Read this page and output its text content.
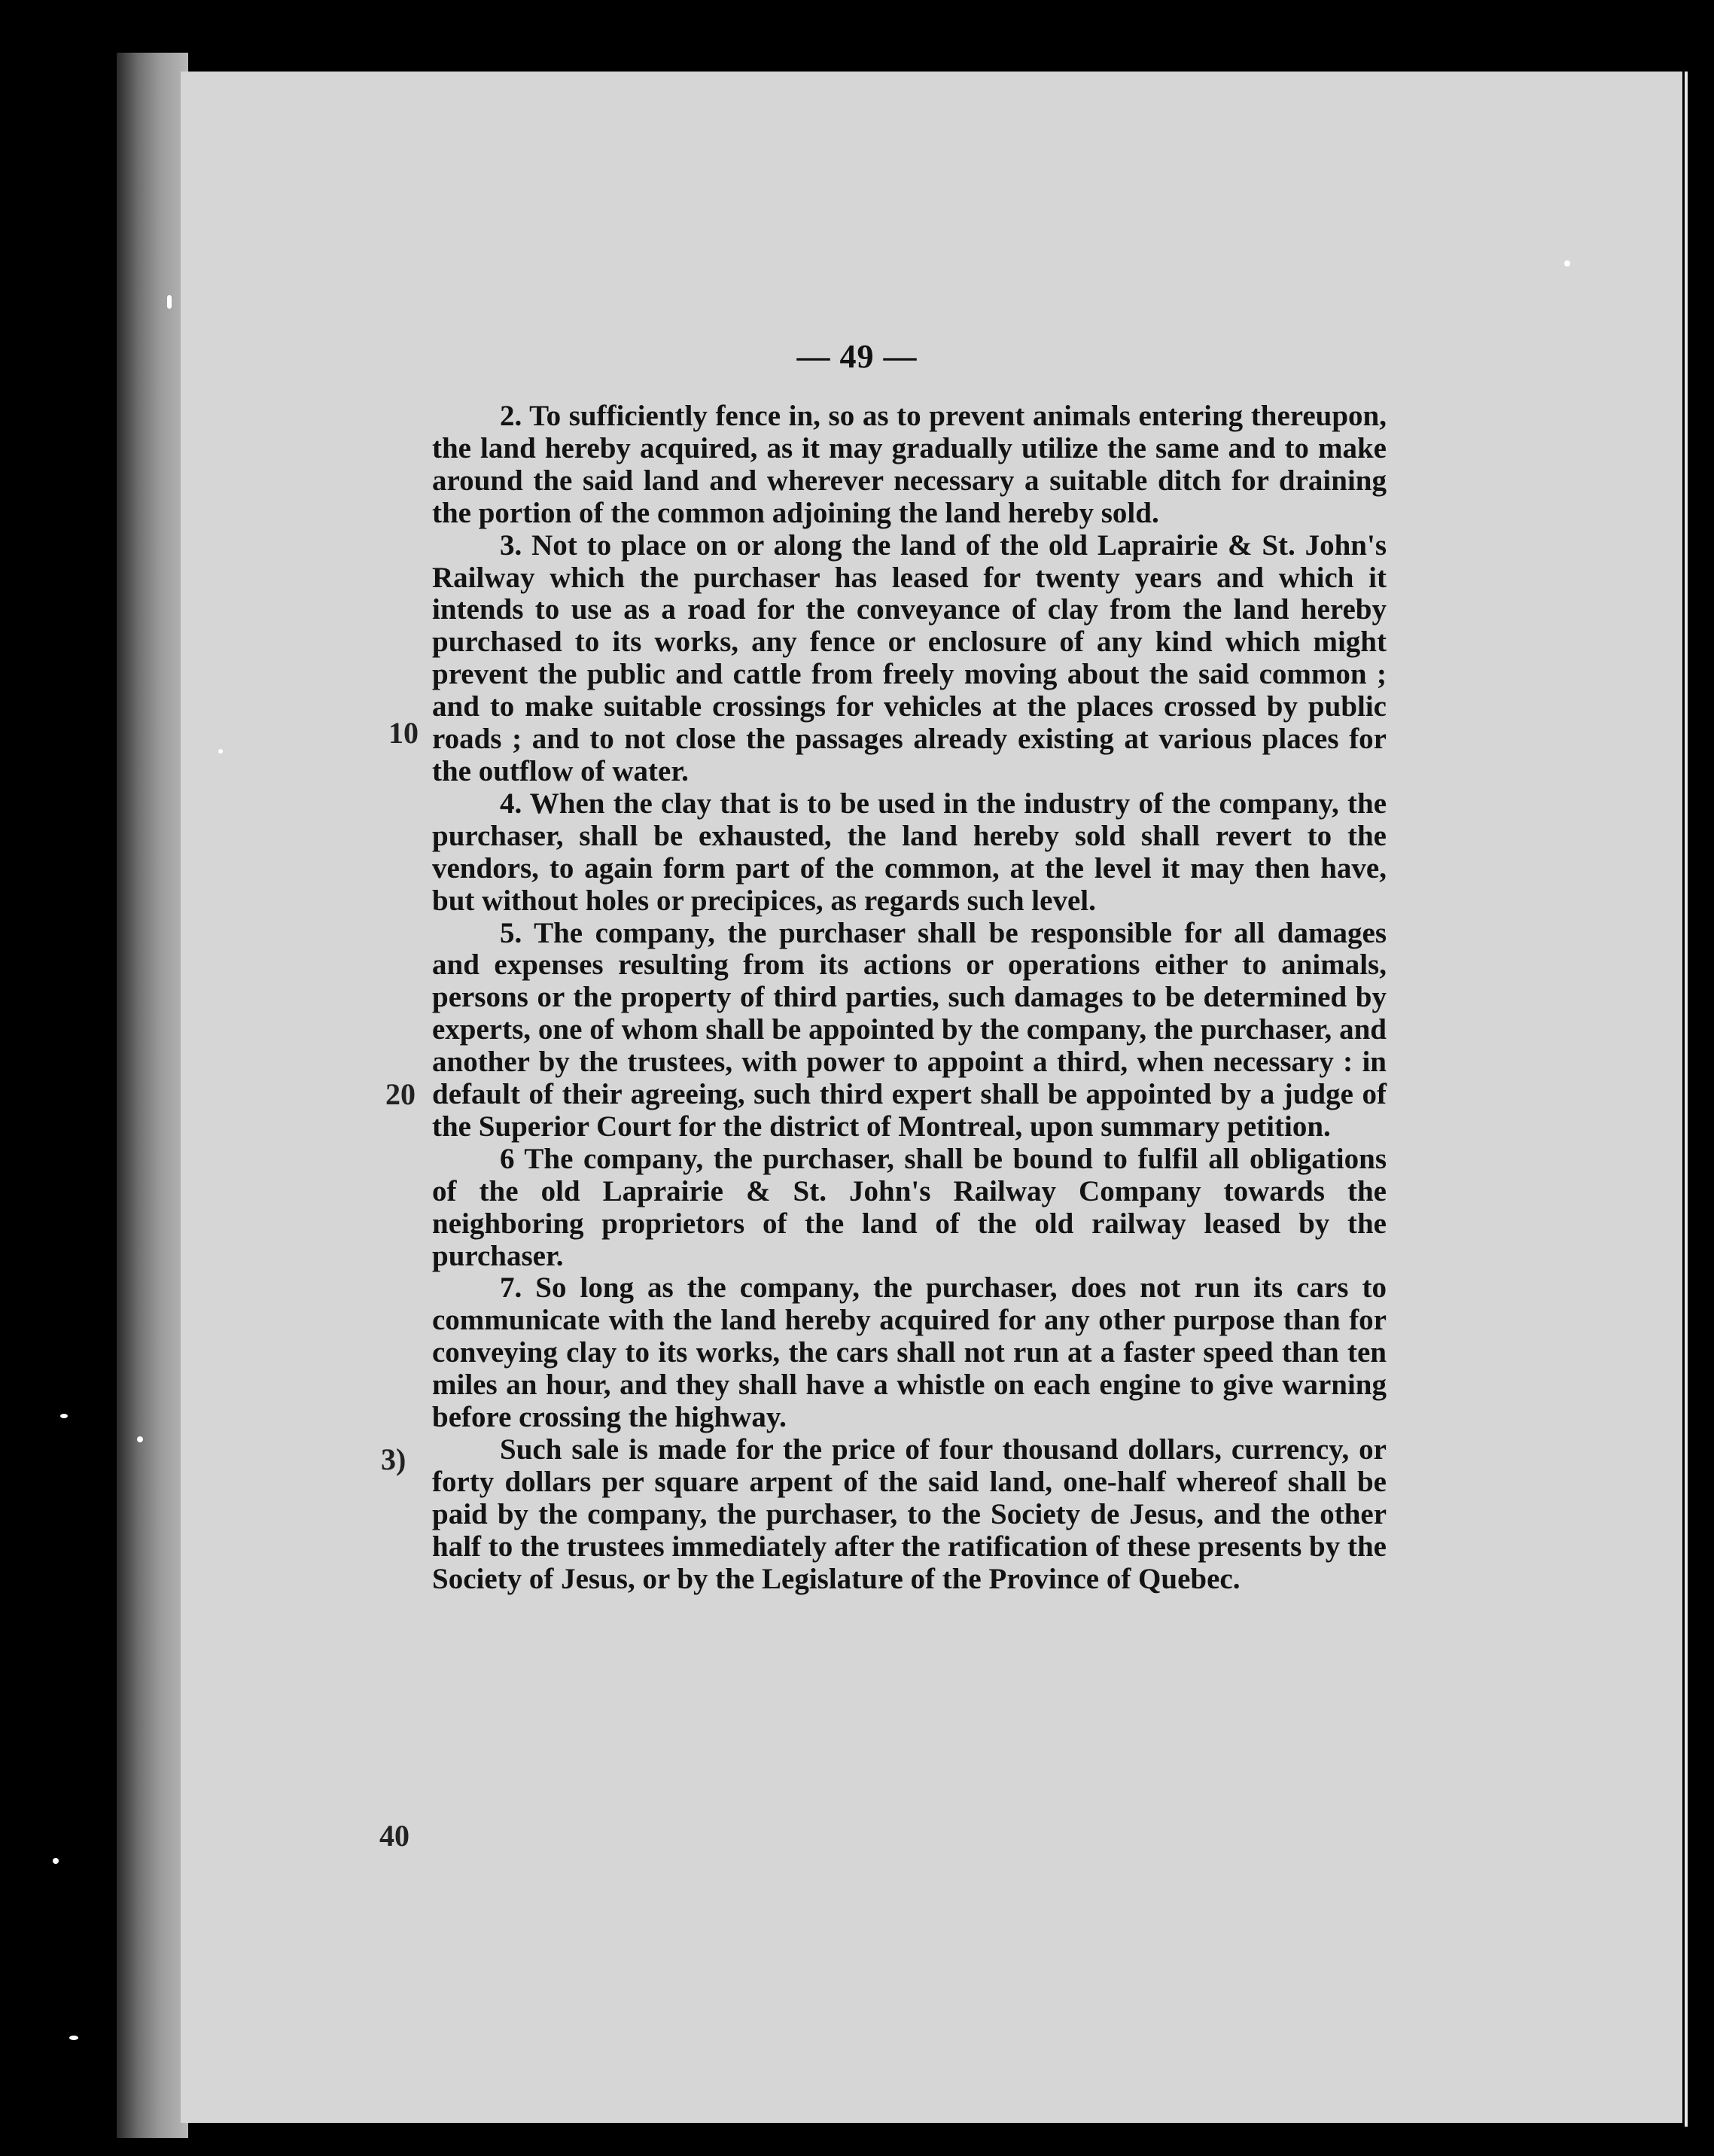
— 49 —

10
20
3)
40

2. To sufficiently fence in, so as to prevent animals entering thereupon, the land hereby acquired, as it may gradually utilize the same and to make around the said land and wherever necessary a suitable ditch for draining the portion of the common adjoining the land hereby sold.

3. Not to place on or along the land of the old Laprairie & St. John's Railway which the purchaser has leased for twenty years and which it intends to use as a road for the conveyance of clay from the land hereby purchased to its works, any fence or enclosure of any kind which might prevent the public and cattle from freely moving about the said common ; and to make suitable crossings for vehicles at the places crossed by public roads ; and to not close the passages already existing at various places for the outflow of water.

4. When the clay that is to be used in the industry of the company, the purchaser, shall be exhausted, the land hereby sold shall revert to the vendors, to again form part of the common, at the level it may then have, but without holes or precipices, as regards such level.

5. The company, the purchaser shall be responsible for all damages and expenses resulting from its actions or operations either to animals, persons or the property of third parties, such damages to be determined by experts, one of whom shall be appointed by the company, the purchaser, and another by the trustees, with power to appoint a third, when necessary : in default of their agreeing, such third expert shall be appointed by a judge of the Superior Court for the district of Montreal, upon summary petition.

6 The company, the purchaser, shall be bound to fulfil all obligations of the old Laprairie & St. John's Railway Company towards the neighboring proprietors of the land of the old railway leased by the purchaser.

7. So long as the company, the purchaser, does not run its cars to communicate with the land hereby acquired for any other purpose than for conveying clay to its works, the cars shall not run at a faster speed than ten miles an hour, and they shall have a whistle on each engine to give warning before crossing the highway.

Such sale is made for the price of four thousand dollars, currency, or forty dollars per square arpent of the said land, one-half whereof shall be paid by the company, the purchaser, to the Society de Jesus, and the other half to the trustees immediately after the ratification of these presents by the Society of Jesus, or by the Legislature of the Province of Quebec.
